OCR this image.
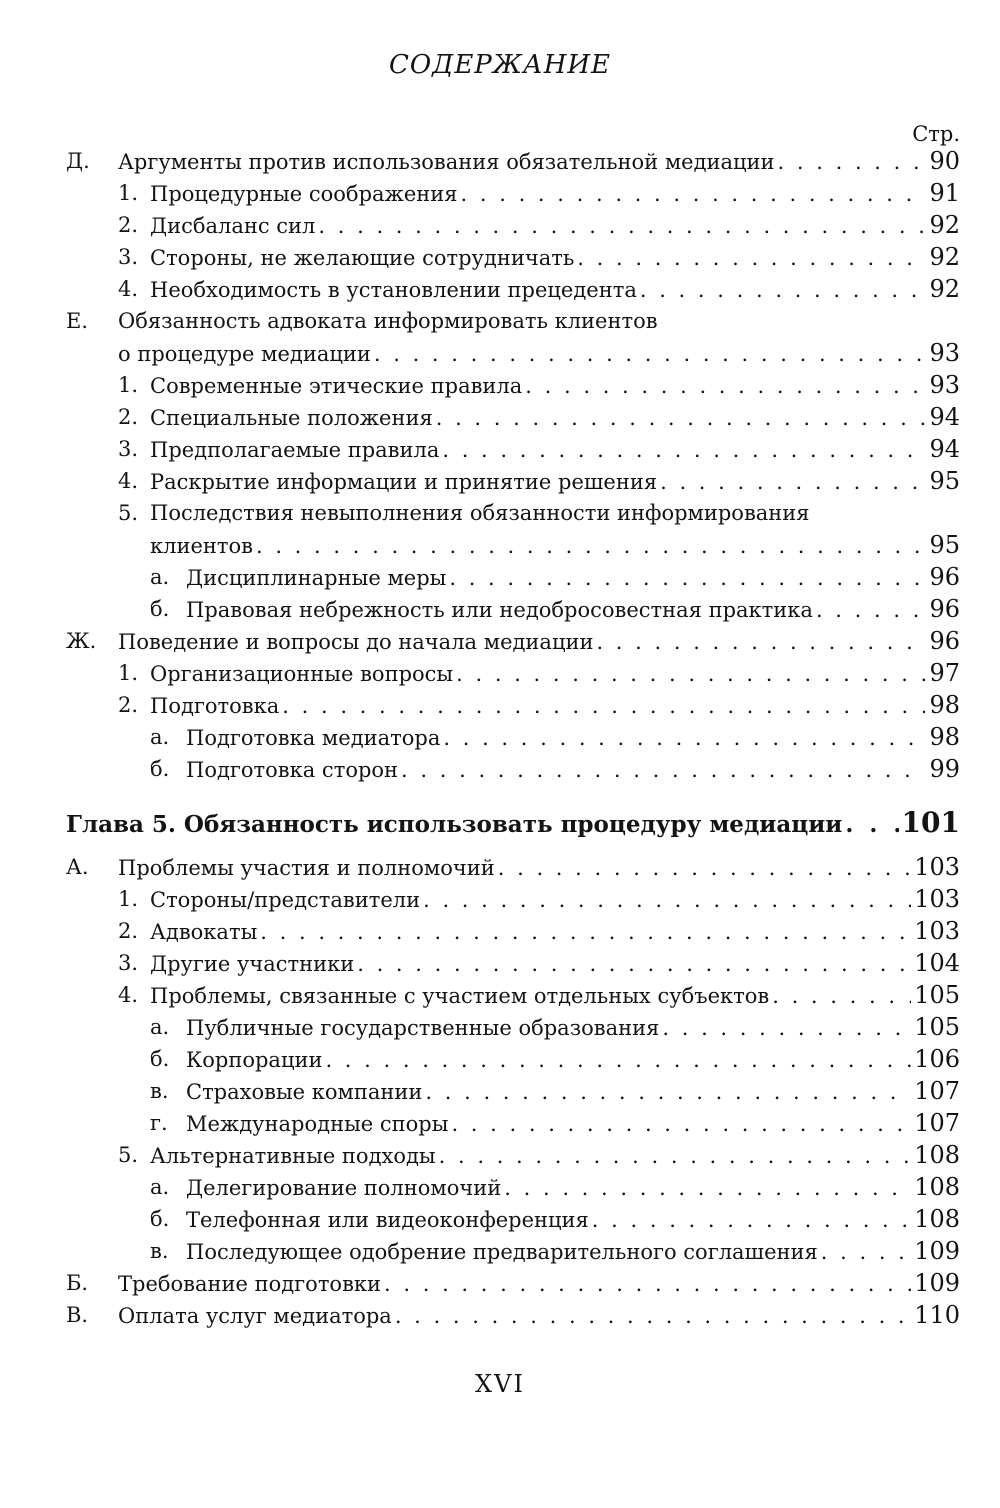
СОДЕРЖАНИЕ
Стр.
Д. Аргументы против использования обязательной медиации . . .	90
1. Процедурные соображения . . .	91
2. Дисбаланс сил . . .	92
3. Стороны, не желающие сотрудничать . . .	92
4. Необходимость в установлении прецедента . . .	92
Е. Обязанность адвоката информировать клиентов
о процедуре медиации . . .	93
1. Современные этические правила . . .	93
2. Специальные положения . . .	94
3. Предполагаемые правила . . .	94
4. Раскрытие информации и принятие решения . . .	95
5. Последствия невыполнения обязанности информирования
клиентов . . .	95
а. Дисциплинарные меры . . .	96
б. Правовая небрежность или недобросовестная практика . . .	96
Ж. Поведение и вопросы до начала медиации . . .	96
1. Организационные вопросы . . .	97
2. Подготовка . . .	98
а. Подготовка медиатора . . .	98
б. Подготовка сторон . . .	99
Глава 5. Обязанность использовать процедуру медиации . . . 101
А. Проблемы участия и полномочий . . .	103
1. Стороны/представители . . .	103
2. Адвокаты . . .	103
3. Другие участники . . .	104
4. Проблемы, связанные с участием отдельных субъектов . . .	105
а. Публичные государственные образования . . .	105
б. Корпорации . . .	106
в. Страховые компании . . .	107
г. Международные споры . . .	107
5. Альтернативные подходы . . .	108
а. Делегирование полномочий . . .	108
б. Телефонная или видеоконференция . . .	108
в. Последующее одобрение предварительного соглашения . . .	109
Б. Требование подготовки . . .	109
В. Оплата услуг медиатора . . .	110
XVI
